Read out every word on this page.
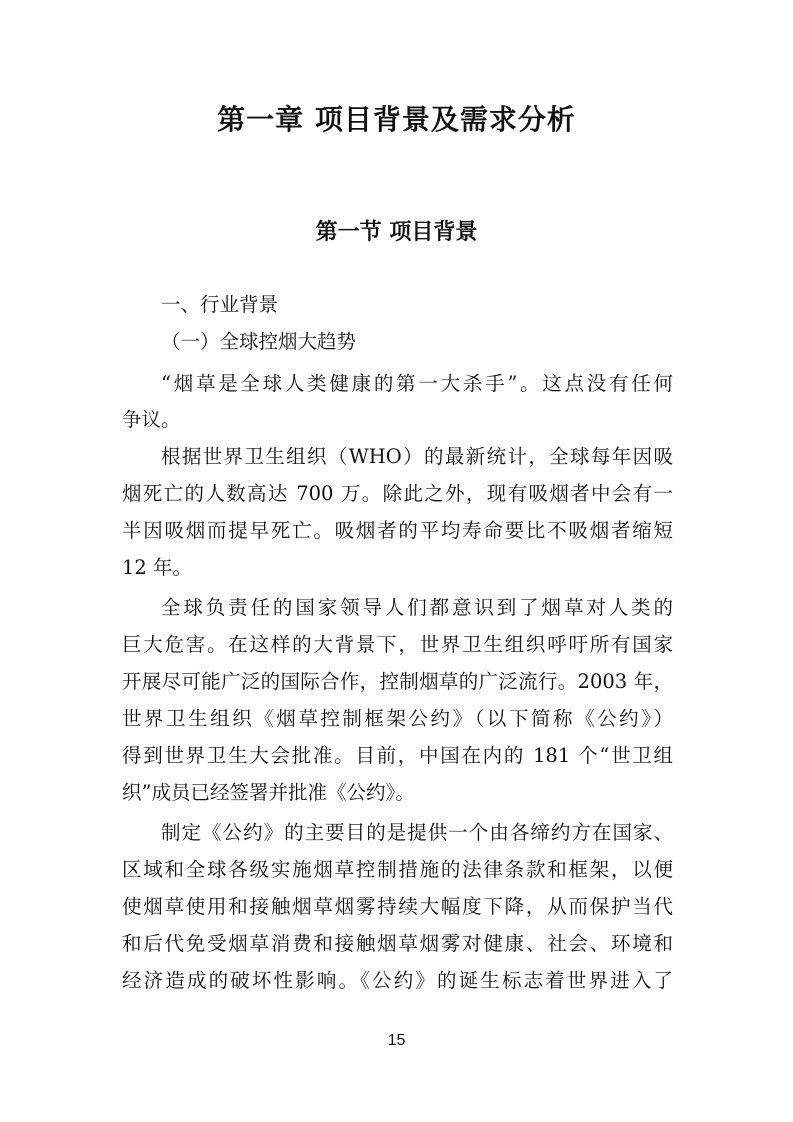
第一章 项目背景及需求分析
第一节 项目背景
一、行业背景
（一）全球控烟大趋势
“烟草是全球人类健康的第一大杀手”。这点没有任何
争议。
根据世界卫生组织（WHO）的最新统计，全球每年因吸
烟死亡的人数高达 700 万。除此之外，现有吸烟者中会有一
半因吸烟而提早死亡。吸烟者的平均寿命要比不吸烟者缩短
12 年。
全球负责任的国家领导人们都意识到了烟草对人类的
巨大危害。在这样的大背景下，世界卫生组织呼吁所有国家
开展尽可能广泛的国际合作，控制烟草的广泛流行。2003 年，
世界卫生组织《烟草控制框架公约》（以下简称《公约》）
得到世界卫生大会批准。目前，中国在内的 181 个“世卫组
织”成员已经签署并批准《公约》。
制定《公约》的主要目的是提供一个由各缔约方在国家、
区域和全球各级实施烟草控制措施的法律条款和框架，以便
使烟草使用和接触烟草烟雾持续大幅度下降，从而保护当代
和后代免受烟草消费和接触烟草烟雾对健康、社会、环境和
经济造成的破坏性影响。《公约》的诞生标志着世界进入了
15
